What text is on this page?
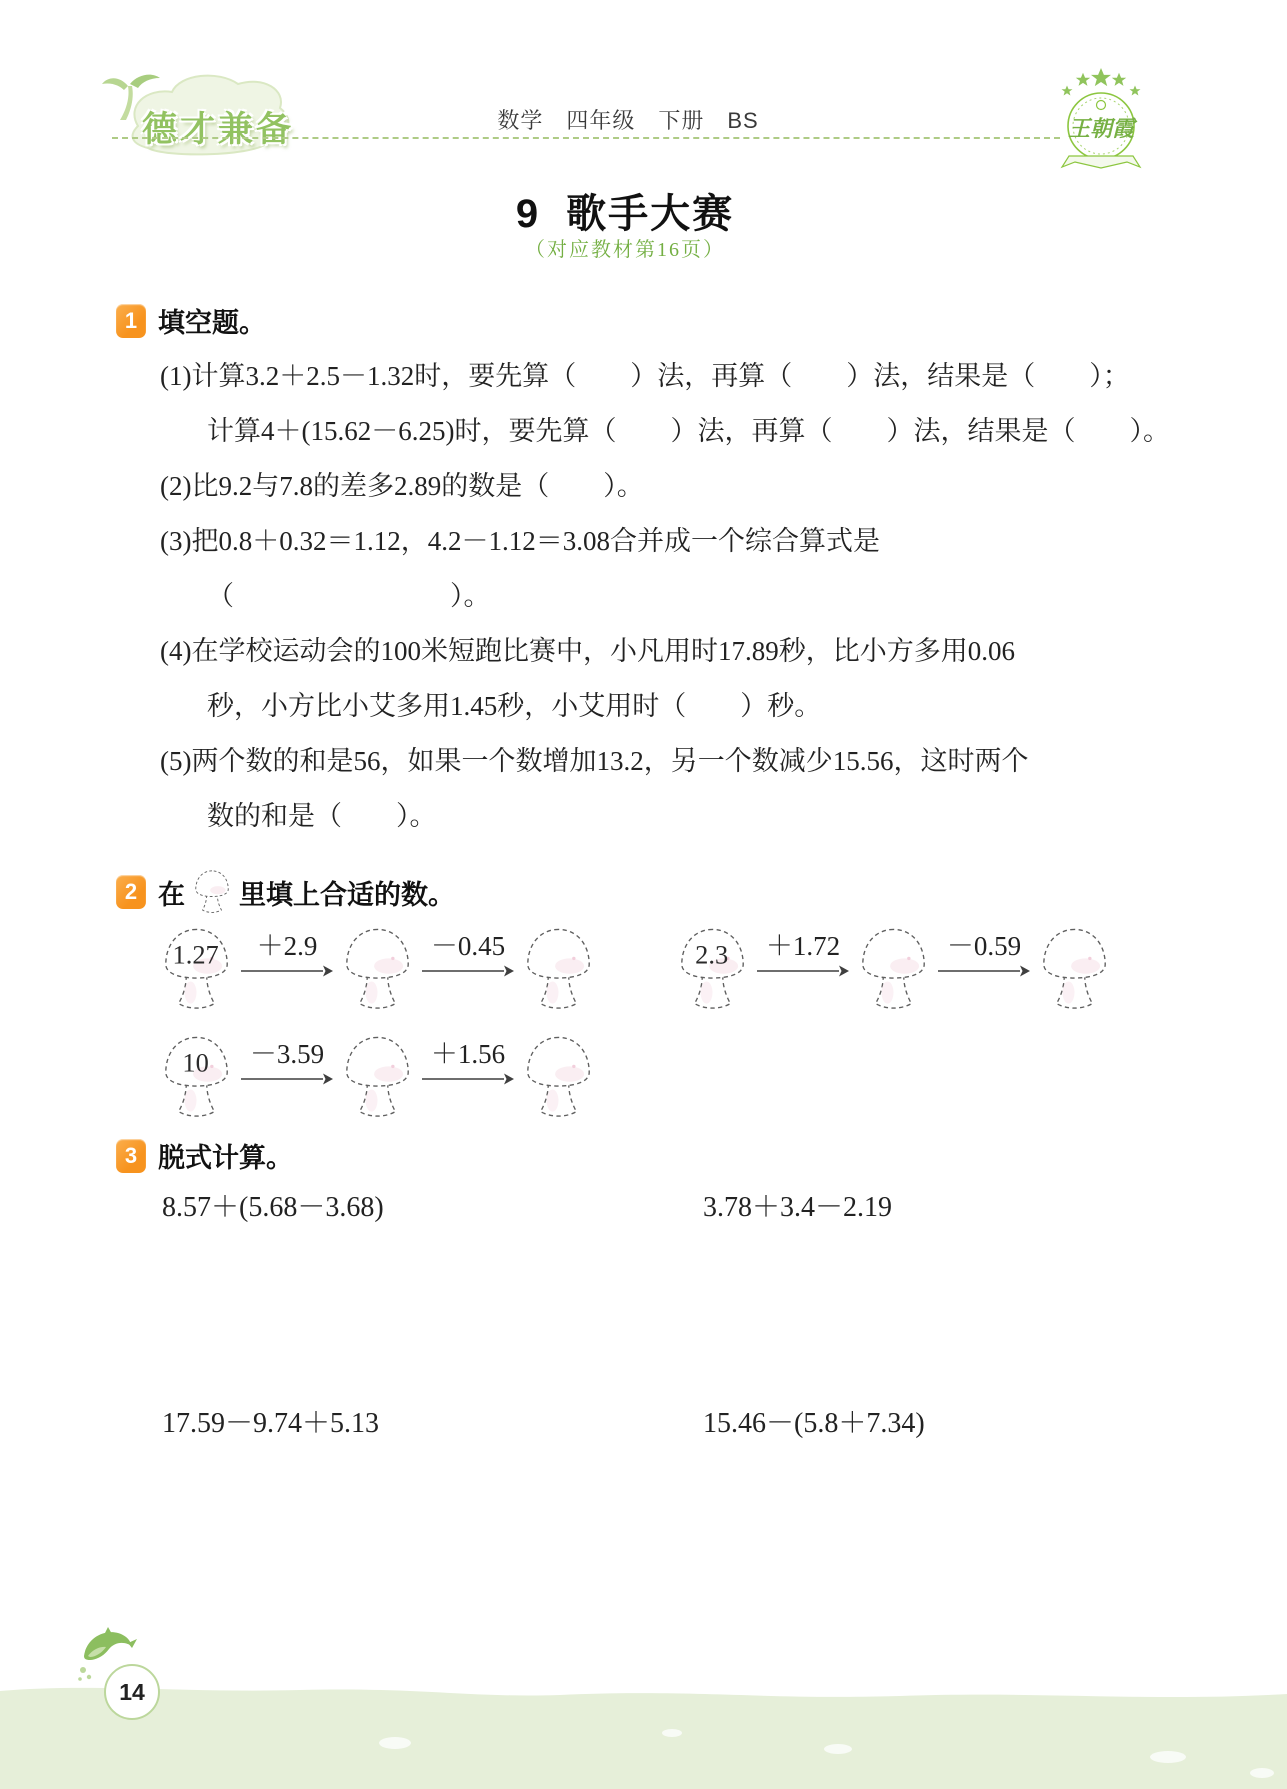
德才兼备	数学　四年级　下册　BS	王朝霞
9 歌手大赛
（对应教材第16页）
1 填空题。
(1)计算3.2＋2.5－1.32时，要先算（　　）法，再算（　　）法，结果是（　　）；
计算4＋(15.62－6.25)时，要先算（　　）法，再算（　　）法，结果是（　　）。
(2)比9.2与7.8的差多2.89的数是（　　）。
(3)把0.8＋0.32＝1.12，4.2－1.12＝3.08合并成一个综合算式是
（　　　　　　　　）。
(4)在学校运动会的100米短跑比赛中，小凡用时17.89秒，比小方多用0.06
秒，小方比小艾多用1.45秒，小艾用时（　　）秒。
(5)两个数的和是56，如果一个数增加13.2，另一个数减少15.56，这时两个
数的和是（　　）。
2 在 里填上合适的数。
1.27 ＋2.9	－0.45	2.3 ＋1.72	－0.59
10 －3.59	＋1.56
3 脱式计算。
8.57＋(5.68－3.68)	3.78＋3.4－2.19
17.59－9.74＋5.13	15.46－(5.8＋7.34)
14
